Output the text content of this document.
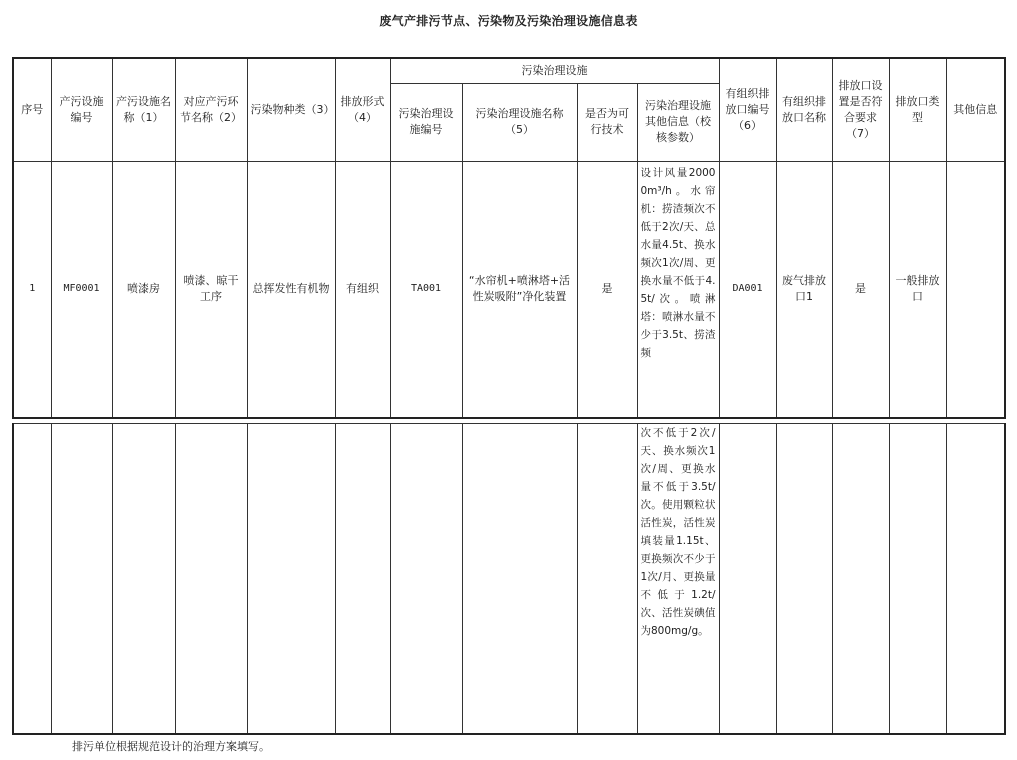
废气产排污节点、污染物及污染治理设施信息表
序号	产污设施编号	产污设施名称（1）	对应产污环节名称（2）	污染物种类（3）	排放形式（4）	污染治理设施				有组织排放口编号（6）	有组织排放口名称	排放口设置是否符合要求（7）	排放口类型	其他信息
						污染治理设施编号	污染治理设施名称（5）	是否为可行技术	污染治理设施其他信息（校核参数）					
1	MF0001	喷漆房	喷漆、晾干工序	总挥发性有机物	有组织	TA001	“水帘机+喷淋塔+活性炭吸附”净化装置	是	设计风量20000m³/h。水帘机：捞渣频次不低于2次/天、总水量4.5t、换水频次1次/周、更换水量不低于4.5t/次。喷淋塔：喷淋水量不少于3.5t、捞渣频	DA001	废气排放口1	是	一般排放口	
									次不低于2次/天、换水频次1次/周、更换水量不低于3.5t/次。使用颗粒状活性炭，活性炭填装量1.15t、更换频次不少于1次/月、更换量不低于1.2t/次、活性炭碘值为800mg/g。					
排污单位根据规范设计的治理方案填写。
